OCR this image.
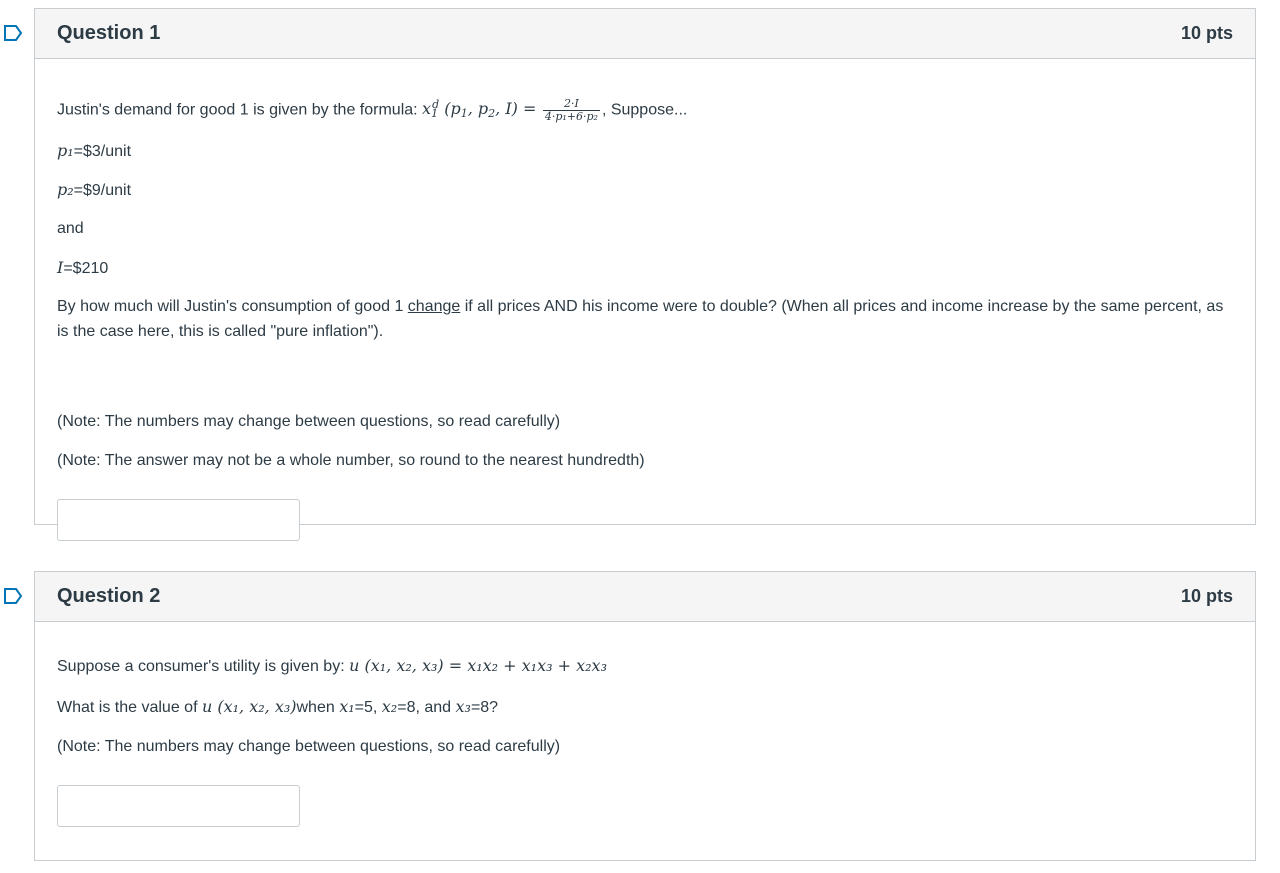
Question 1	10 pts
Justin's demand for good 1 is given by the formula: $x_1^d$ ($p_1$, $p_2$, $I) = \frac{2\cdot I}{\text{4·p₁+6·p₂}}$ , Suppose...
p₁=$3/unit
p₂=$9/unit
and
I=$210
By how much will Justin's consumption of good 1 change if all prices AND his income were to double? (When all prices and income increase by the same percent, as is the case here, this is called "pure inflation").
(Note: The numbers may change between questions, so read carefully)
(Note: The answer may not be a whole number, so round to the nearest hundredth)
Question 2	10 pts
Suppose a consumer's utility is given by: u (x₁, x₂, x₃) = x₁x₂ + x₁x₃ + x₂x₃
What is the value of u (x₁, x₂, x₃)when x₁=5, x₂=8, and x₃=8?
(Note: The numbers may change between questions, so read carefully)
